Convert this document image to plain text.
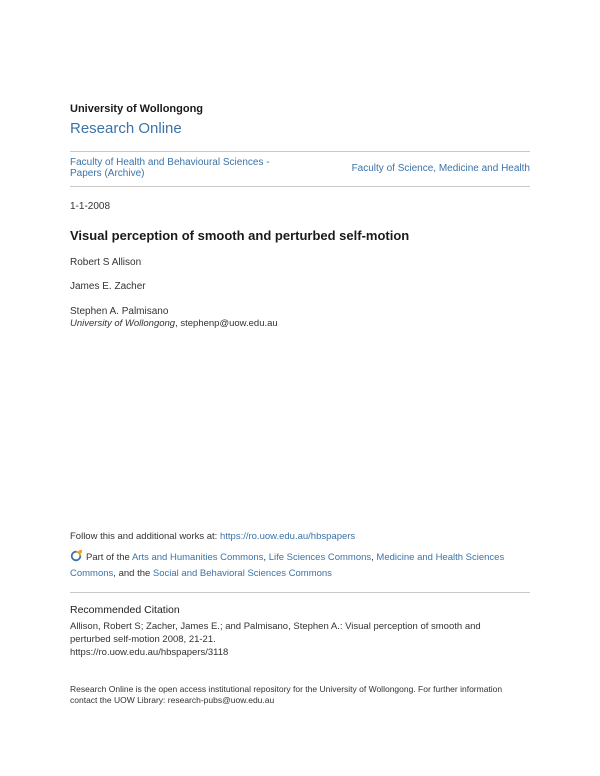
University of Wollongong
Research Online
Faculty of Health and Behavioural Sciences -
Papers (Archive)	Faculty of Science, Medicine and Health
1-1-2008
Visual perception of smooth and perturbed self-motion
Robert S Allison
James E. Zacher
Stephen A. Palmisano
University of Wollongong, stephenp@uow.edu.au
Follow this and additional works at: https://ro.uow.edu.au/hbspapers
Part of the Arts and Humanities Commons, Life Sciences Commons, Medicine and Health Sciences Commons, and the Social and Behavioral Sciences Commons
Recommended Citation
Allison, Robert S; Zacher, James E.; and Palmisano, Stephen A.: Visual perception of smooth and
perturbed self-motion 2008, 21-21.
https://ro.uow.edu.au/hbspapers/3118
Research Online is the open access institutional repository for the University of Wollongong. For further information
contact the UOW Library: research-pubs@uow.edu.au
